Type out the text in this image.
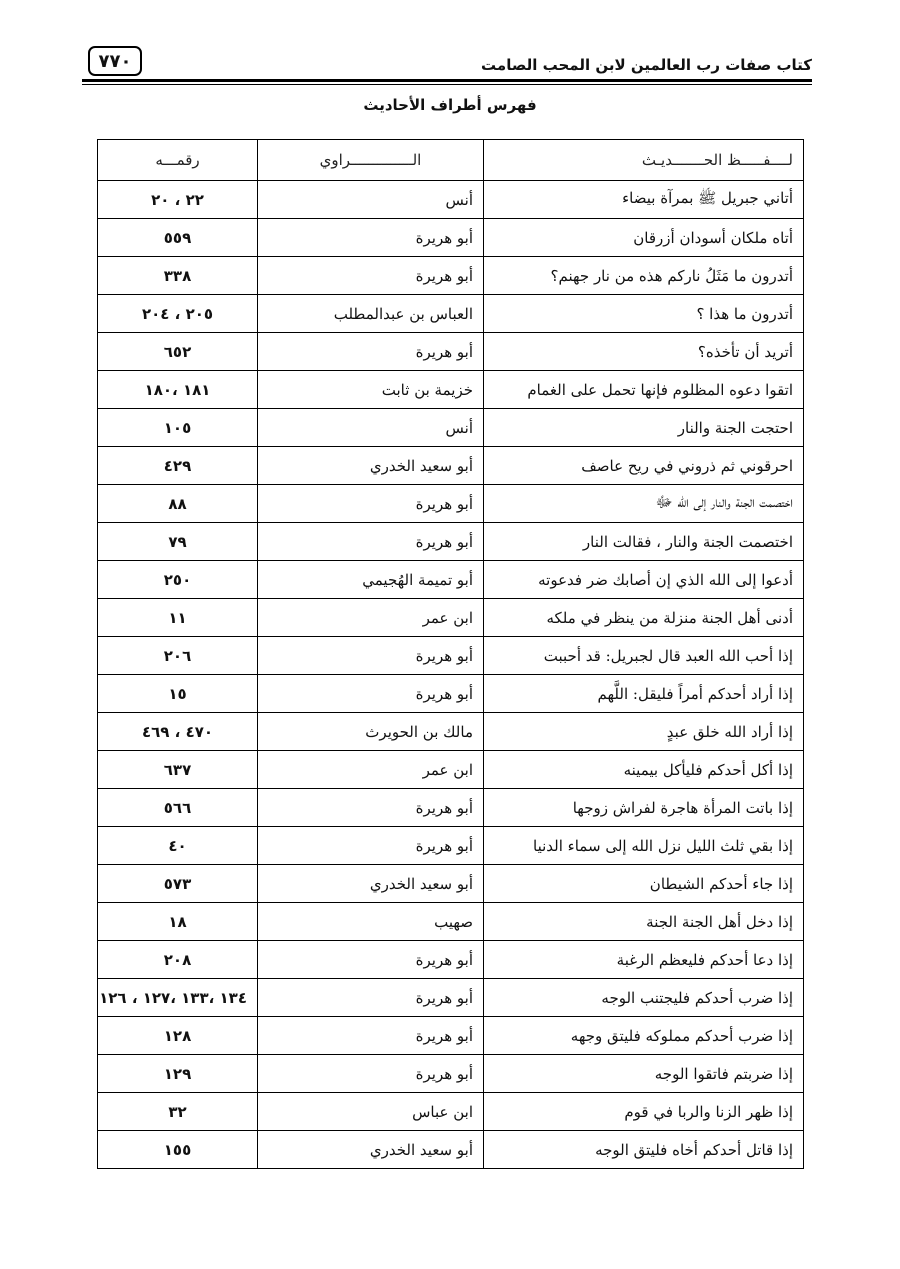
كتاب صفات رب العالمين لابن المحب الصامت
٧٧٠
فهرس أطراف الأحاديث
لــــفـــــظ الحـــــــديـث	الــــــــــــــراوي	رقمـــه
أتاني جبريل ﷺ بمرآة بيضاء	أنس	٢٢ ، ٢٠
أتاه ملكان أسودان أزرقان	أبو هريرة	٥٥٩
أتدرون ما مَثَلُ ناركم هذه من نار جهنم؟	أبو هريرة	٣٣٨
أتدرون ما هذا ؟	العباس بن عبدالمطلب	٢٠٥ ، ٢٠٤
أتريد أن تأخذه؟	أبو هريرة	٦٥٢
اتقوا دعوه المظلوم فإنها تحمل على الغمام	خزيمة بن ثابت	١٨١ ،١٨٠
احتجت الجنة والنار	أنس	١٠٥
احرقوني ثم ذروني في ريح عاصف	أبو سعيد الخدري	٤٢٩
اختصمت الجنة والنار إلى الله ﷻ	أبو هريرة	٨٨
اختصمت الجنة والنار ، فقالت النار	أبو هريرة	٧٩
أدعوا إلى الله الذي إن أصابك ضر فدعوته	أبو تميمة الهُجيمي	٢٥٠
أدنى أهل الجنة منزلة من ينظر في ملكه	ابن عمر	١١
إذا أحب الله العبد قال لجبريل: قد أحببت	أبو هريرة	٢٠٦
إذا أراد أحدكم أمراً فليقل: اللَّهم	أبو هريرة	١٥
إذا أراد الله خلق عبدٍ	مالك بن الحويرث	٤٧٠ ، ٤٦٩
إذا أكل أحدكم فليأكل بيمينه	ابن عمر	٦٣٧
إذا باتت المرأة هاجرة لفراش زوجها	أبو هريرة	٥٦٦
إذا بقي ثلث الليل نزل الله إلى سماء الدنيا	أبو هريرة	٤٠
إذا جاء أحدكم الشيطان	أبو سعيد الخدري	٥٧٣
إذا دخل أهل الجنة الجنة	صهيب	١٨
إذا دعا أحدكم فليعظم الرغبة	أبو هريرة	٢٠٨
إذا ضرب أحدكم فليجتنب الوجه	أبو هريرة	١٣٤ ،١٣٣ ،١٢٧ ، ١٢٦
إذا ضرب أحدكم مملوكه فليتق وجهه	أبو هريرة	١٢٨
إذا ضربتم فاتقوا الوجه	أبو هريرة	١٢٩
إذا ظهر الزنا والربا في قوم	ابن عباس	٣٢
إذا قاتل أحدكم أخاه فليتق الوجه	أبو سعيد الخدري	١٥٥
